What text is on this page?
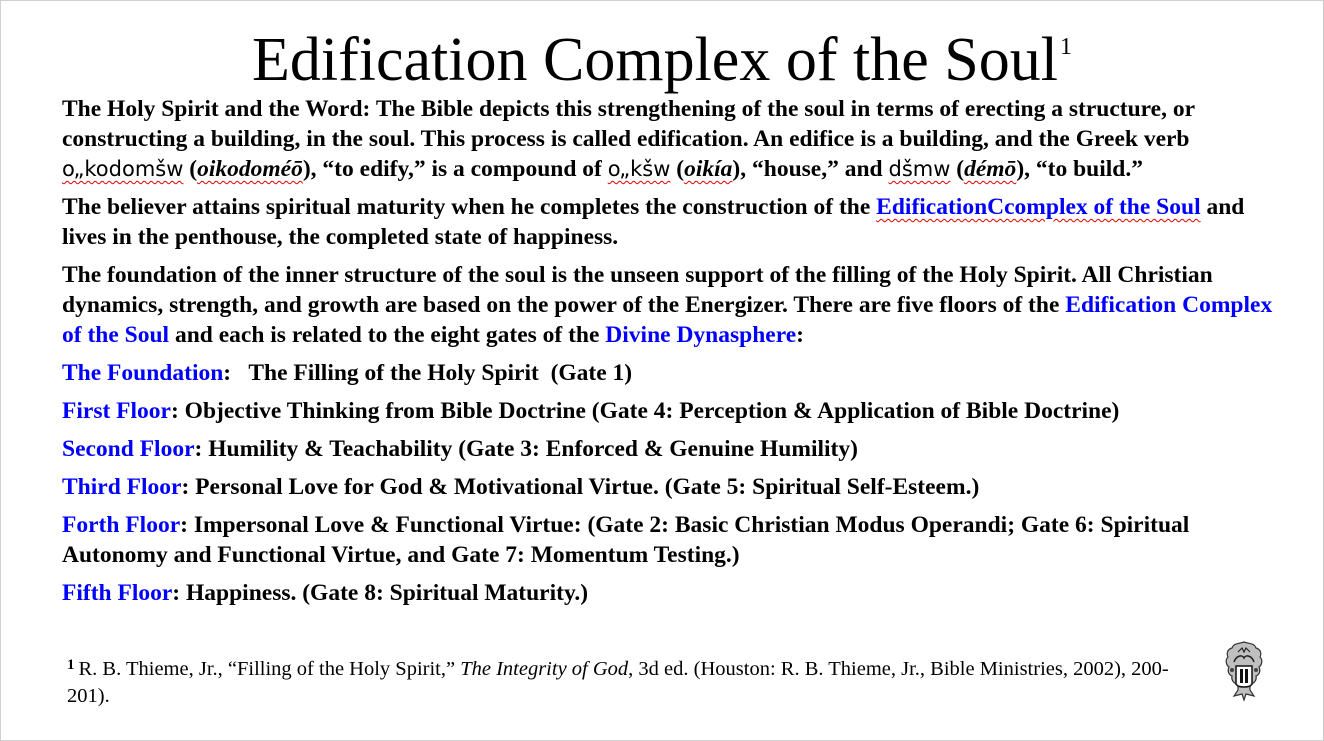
Edification Complex of the Soul$^1$

The Holy Spirit and the Word: The Bible depicts this strengthening of the soul in terms of erecting a structure, or constructing a building, in the soul. This process is called edification. An edifice is a building, and the Greek verb o„kodomšw (oikodoméō), “to edify,” is a compound of o„kšw (oikía), “house,” and dšmw (démō), “to build.”

The believer attains spiritual maturity when he completes the construction of the EdificationCcomplex of the Soul and lives in the penthouse, the completed state of happiness.

The foundation of the inner structure of the soul is the unseen support of the filling of the Holy Spirit. All Christian dynamics, strength, and growth are based on the power of the Energizer. There are five floors of the Edification Complex of the Soul and each is related to the eight gates of the Divine Dynasphere:

The Foundation:   The Filling of the Holy Spirit  (Gate 1)

First Floor: Objective Thinking from Bible Doctrine (Gate 4: Perception & Application of Bible Doctrine)

Second Floor: Humility & Teachability (Gate 3: Enforced & Genuine Humility)

Third Floor: Personal Love for God & Motivational Virtue. (Gate 5: Spiritual Self-Esteem.)

Forth Floor: Impersonal Love & Functional Virtue: (Gate 2: Basic Christian Modus Operandi; Gate 6: Spiritual Autonomy and Functional Virtue, and Gate 7: Momentum Testing.)

Fifth Floor: Happiness. (Gate 8: Spiritual Maturity.)

$^1$ R. B. Thieme, Jr., “Filling of the Holy Spirit,” The Integrity of God, 3d ed. (Houston: R. B. Thieme, Jr., Bible Ministries, 2002), 200-201).
